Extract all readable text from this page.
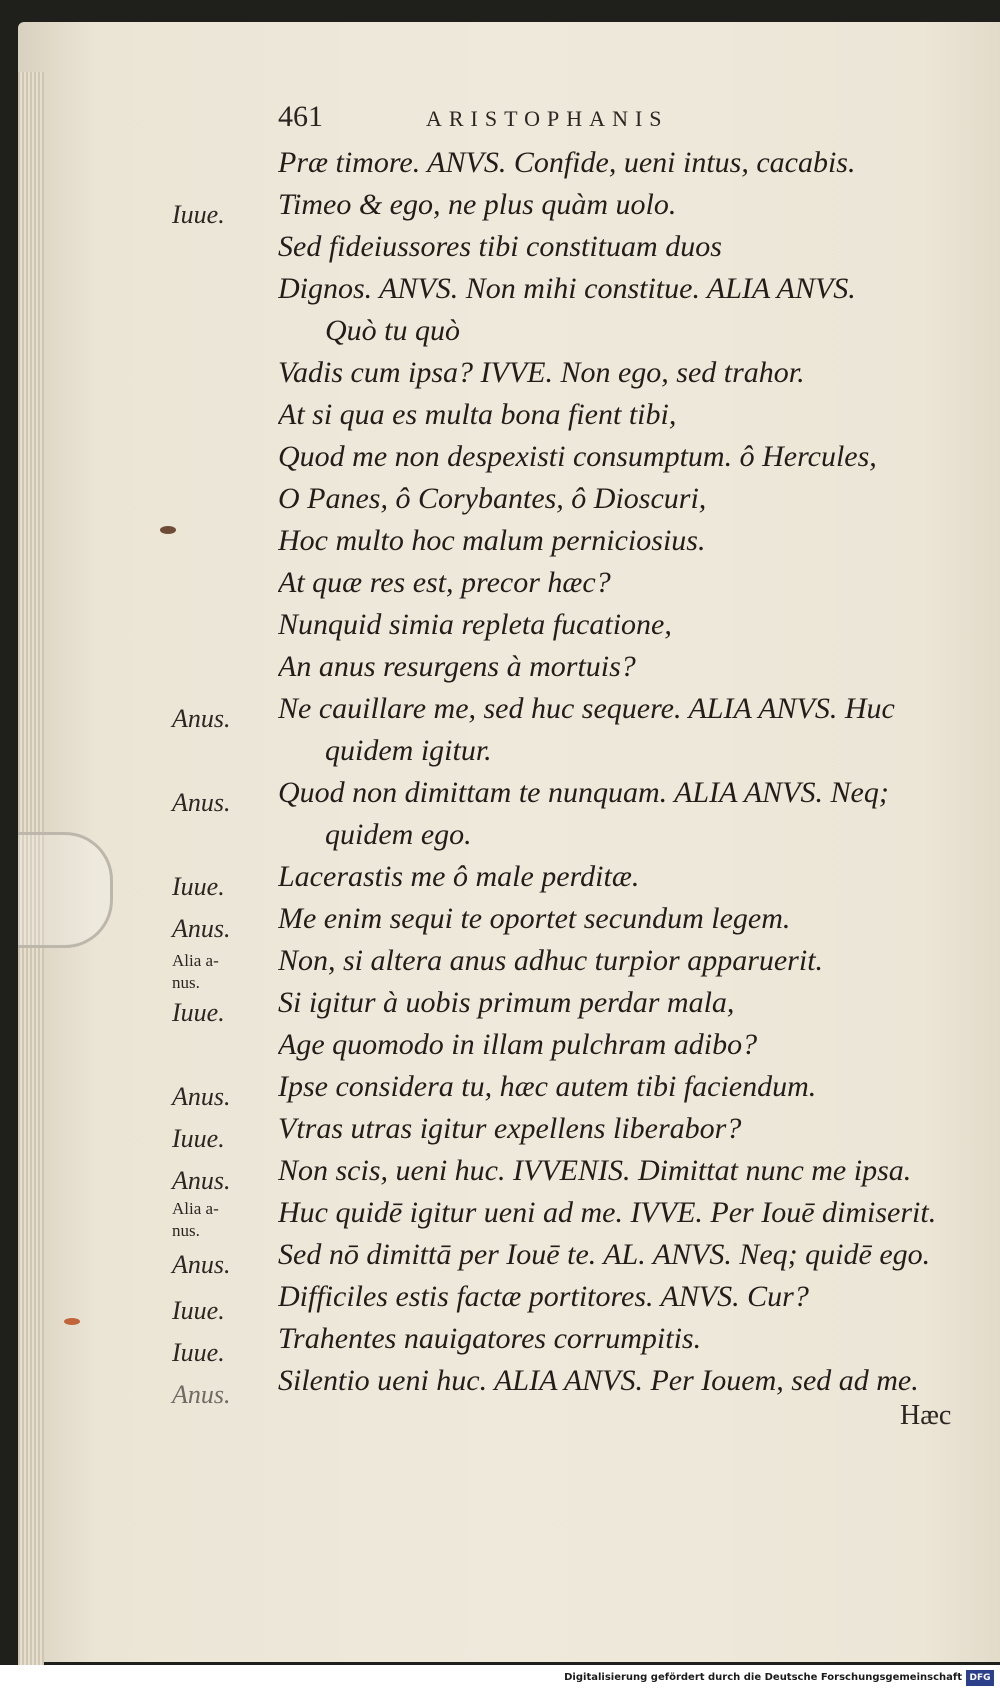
461	ARISTOPHANIS
Præ timore. ANVS. Confide, ueni intus, cacabis.
Iuue.	Timeo & ego, ne plus quàm uolo.
Sed fideiussores tibi constituam duos
Dignos. ANVS. Non mihi constitue. ALIA ANVS.
Quò tu quò
Vadis cum ipsa? IVVE. Non ego, sed trahor.
At si qua es multa bona fient tibi,
Quod me non despexisti consumptum. ô Hercules,
O Panes, ô Corybantes, ô Dioscuri,
Hoc multo hoc malum perniciosius.
At quæ res est, precor hæc?
Nunquid simia repleta fucatione,
An anus resurgens à mortuis?
Anus.	Ne cauillare me, sed huc sequere. ALIA ANVS. Huc
quidem igitur.
Anus.	Quod non dimittam te nunquam. ALIA ANVS. Neq;
quidem ego.
Iuue.	Lacerastis me ô male perditæ.
Anus.	Me enim sequi te oportet secundum legem.
Alia a-
nus.
Non, si altera anus adhuc turpior apparuerit.
Iuue.	Si igitur à uobis primum perdar mala,
Age quomodo in illam pulchram adibo?
Anus.	Ipse considera tu, hæc autem tibi faciendum.
Iuue.	Vtras utras igitur expellens liberabor?
Anus.	Non scis, ueni huc. IVVENIS. Dimittat nunc me ipsa.
Alia a-
nus.
Huc quidē igitur ueni ad me. IVVE. Per Iouē dimiserit.
Anus.	Sed nō dimittā per Iouē te. AL. ANVS. Neq; quidē ego.
Iuue.	Difficiles estis factæ portitores. ANVS. Cur?
Iuue.	Trahentes nauigatores corrumpitis.
Anus.	Silentio ueni huc. ALIA ANVS. Per Iouem, sed ad me.
Hæc
Digitalisierung gefördert durch die Deutsche Forschungsgemeinschaft DFG
